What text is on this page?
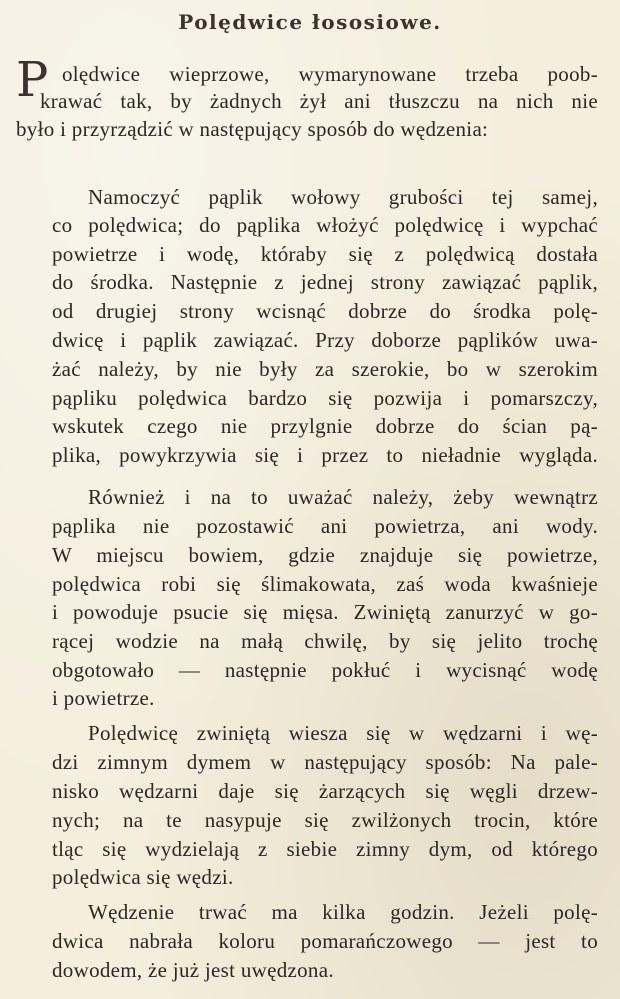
Polędwice łososiowe.
P olędwice wieprzowe, wymarynowane trzeba poob-
krawać tak, by żadnych żył ani tłuszczu na nich nie
było i przyrządzić w następujący sposób do wędzenia:
Namoczyć pąplik wołowy grubości tej samej,
co polędwica; do pąplika włożyć polędwicę i wypchać
powietrze i wodę, któraby się z polędwicą dostała
do środka. Następnie z jednej strony zawiązać pąplik,
od drugiej strony wcisnąć dobrze do środka polę-
dwicę i pąplik zawiązać. Przy doborze pąplików uwa-
żać należy, by nie były za szerokie, bo w szerokim
pąpliku polędwica bardzo się pozwija i pomarszczy,
wskutek czego nie przylgnie dobrze do ścian pą-
plika, powykrzywia się i przez to nieładnie wygląda.
Również i na to uważać należy, żeby wewnątrz
pąplika nie pozostawić ani powietrza, ani wody.
W miejscu bowiem, gdzie znajduje się powietrze,
polędwica robi się ślimakowata, zaś woda kwaśnieje
i powoduje psucie się mięsa. Zwiniętą zanurzyć w go-
rącej wodzie na małą chwilę, by się jelito trochę
obgotowało — następnie pokłuć i wycisnąć wodę
i powietrze.
Polędwicę zwiniętą wiesza się w wędzarni i wę-
dzi zimnym dymem w następujący sposób: Na pale-
nisko wędzarni daje się żarzących się węgli drzew-
nych; na te nasypuje się zwilżonych trocin, które
tląc się wydzielają z siebie zimny dym, od którego
polędwica się wędzi.
Wędzenie trwać ma kilka godzin. Jeżeli polę-
dwica nabrała koloru pomarańczowego — jest to
dowodem, że już jest uwędzona.
